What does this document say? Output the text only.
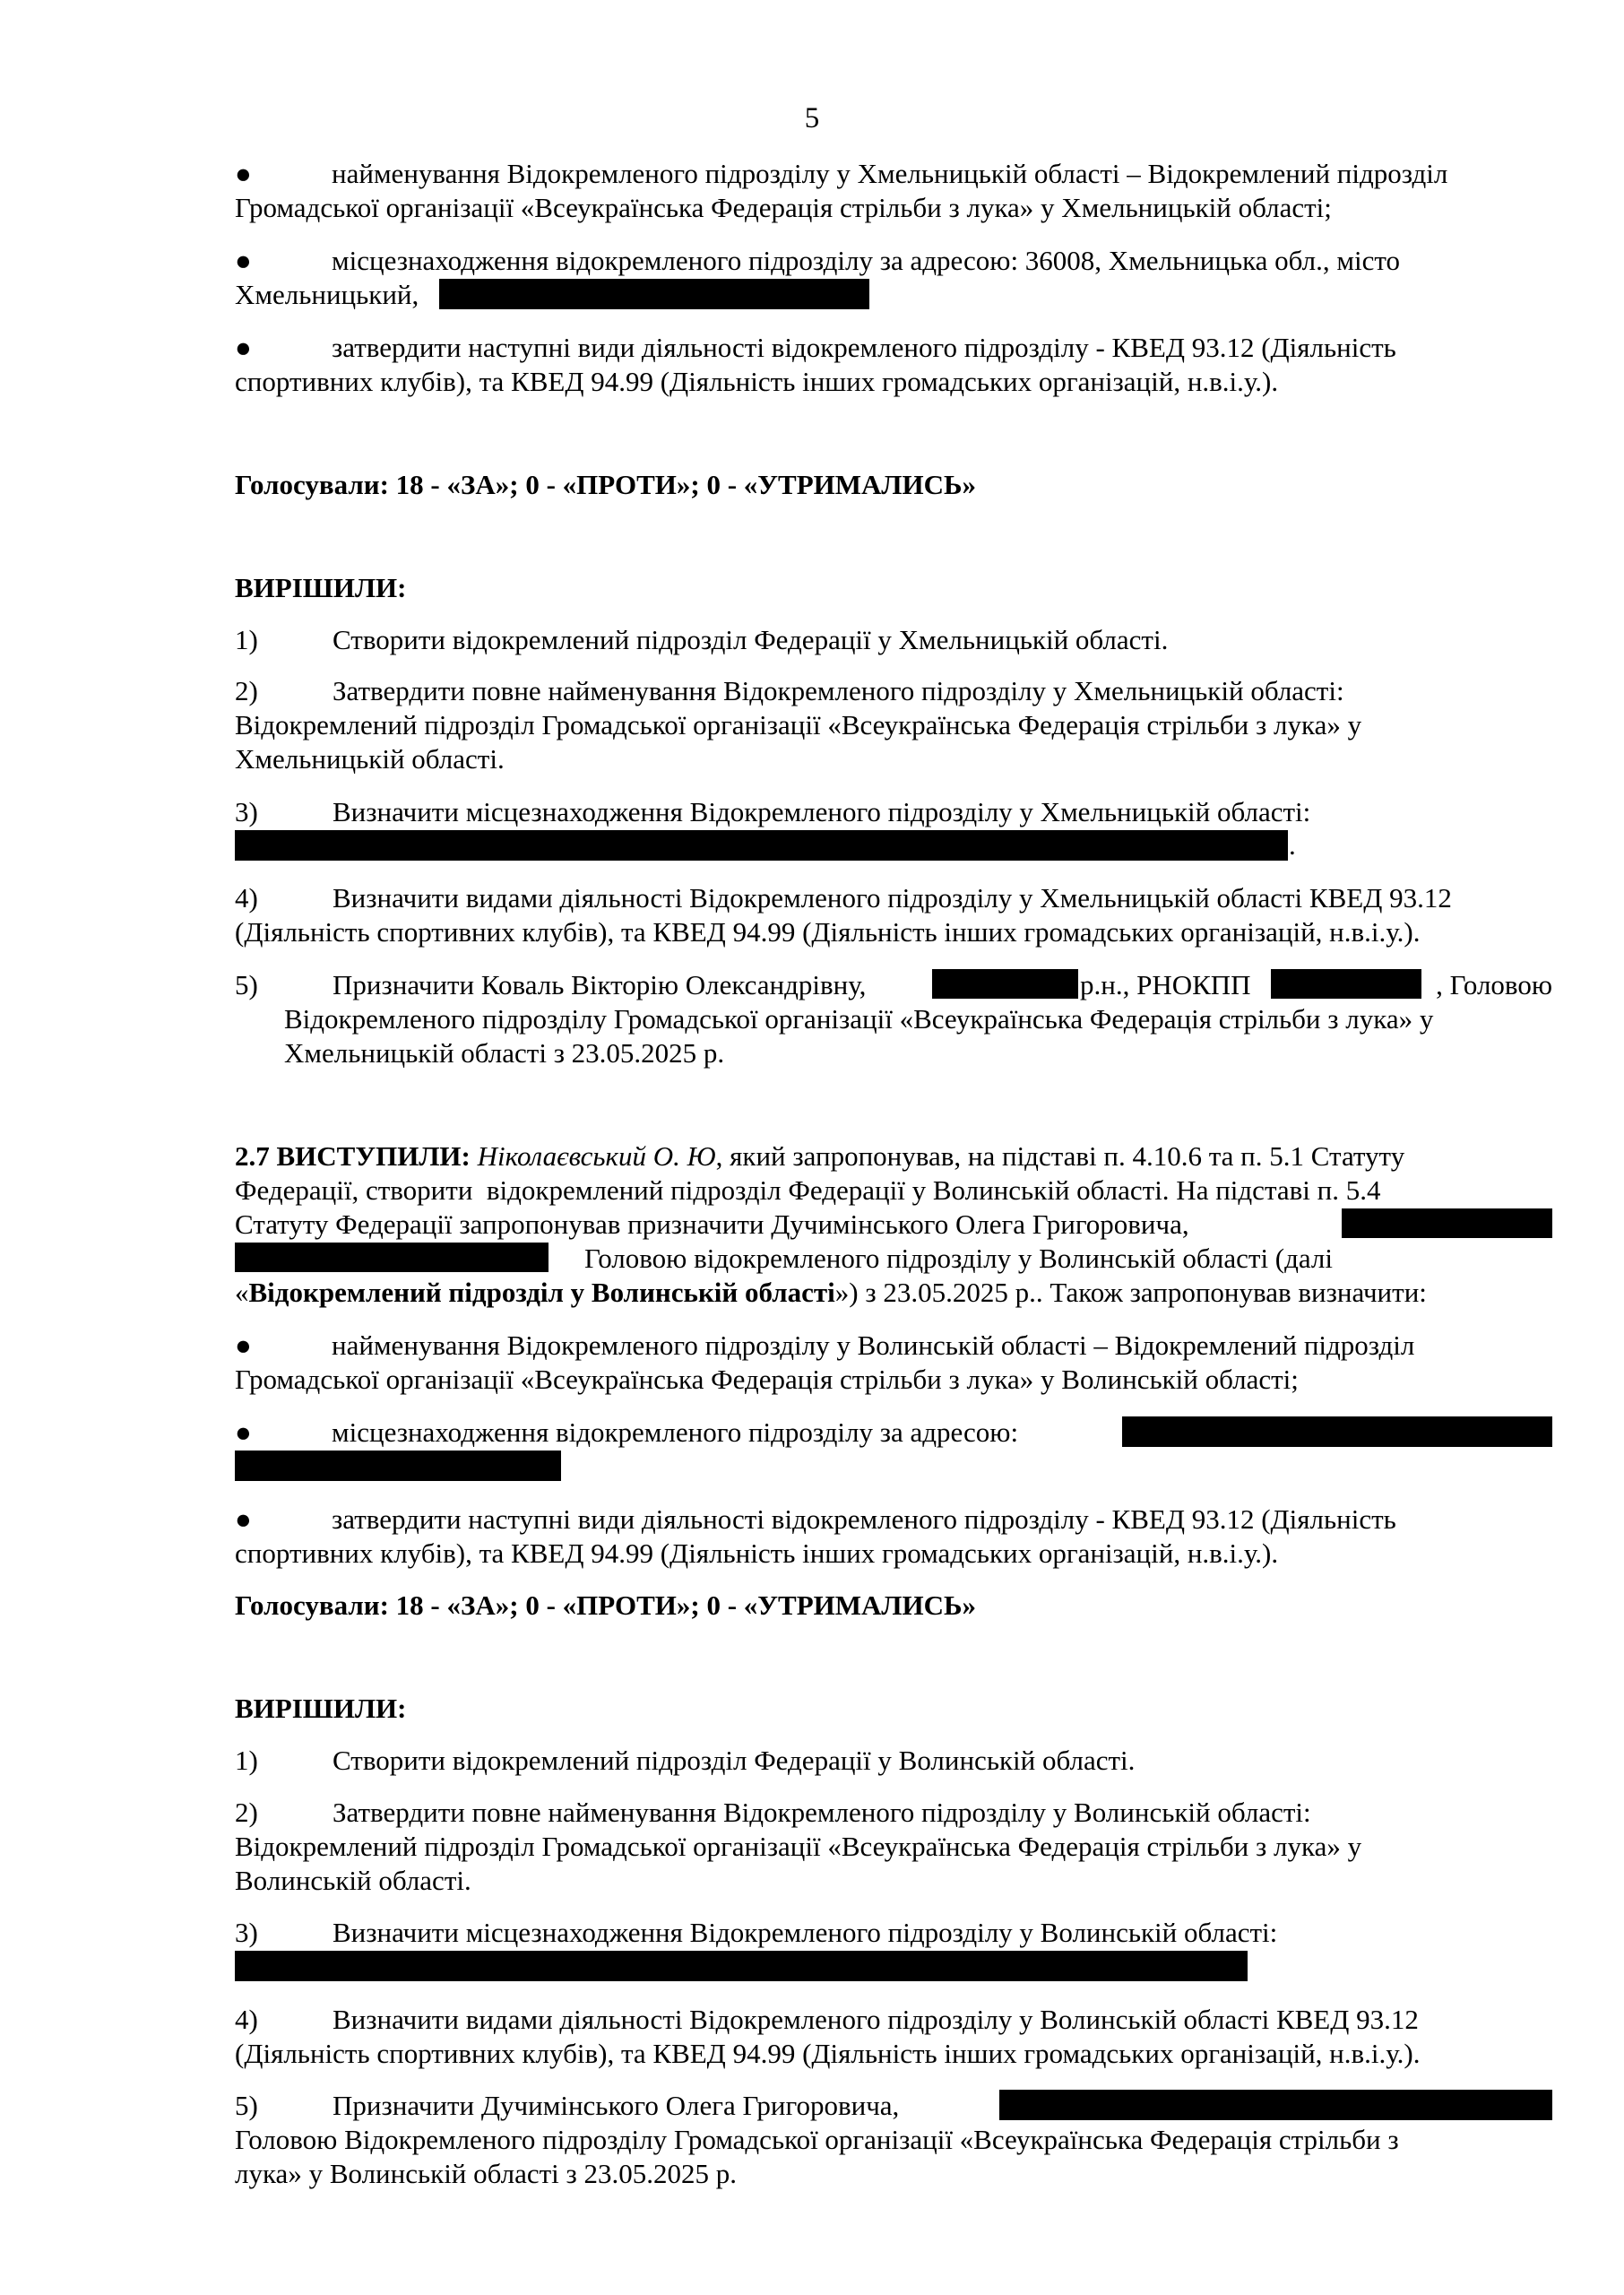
5
●	найменування Відокремленого підрозділу у Хмельницькій області – Відокремлений підрозділ
Громадської організації «Всеукраїнська Федерація стрільби з лука» у Хмельницькій області;
●	місцезнаходження відокремленого підрозділу за адресою: 36008, Хмельницька обл., місто
Хмельницький,
●	затвердити наступні види діяльності відокремленого підрозділу - КВЕД 93.12 (Діяльність
спортивних клубів), та КВЕД 94.99 (Діяльність інших громадських організацій, н.в.і.у.).
Голосували: 18 - «ЗА»; 0 - «ПРОТИ»; 0 - «УТРИМАЛИСЬ»
ВИРІШИЛИ:
1)	Створити відокремлений підрозділ Федерації у Хмельницькій області.
2)	Затвердити повне найменування Відокремленого підрозділу у Хмельницькій області:
Відокремлений підрозділ Громадської організації «Всеукраїнська Федерація стрільби з лука» у
Хмельницькій області.
3)	Визначити місцезнаходження Відокремленого підрозділу у Хмельницькій області:
.
4)	Визначити видами діяльності Відокремленого підрозділу у Хмельницькій області КВЕД 93.12
(Діяльність спортивних клубів), та КВЕД 94.99 (Діяльність інших громадських організацій, н.в.і.у.).
5)	Призначити Коваль Вікторію Олександрівну,	р.н., РНОКПП	, Головою
Відокремленого підрозділу Громадської організації «Всеукраїнська Федерація стрільби з лука» у
Хмельницькій області з 23.05.2025 р.
2.7 ВИСТУПИЛИ: Ніколаєвський О. Ю, який запропонував, на підставі п. 4.10.6 та п. 5.1 Статуту
Федерації, створити  відокремлений підрозділ Федерації у Волинській області. На підставі п. 5.4
Статуту Федерації запропонував призначити Дучимінського Олега Григоровича,
Головою відокремленого підрозділу у Волинській області (далі
«Відокремлений підрозділ у Волинській області») з 23.05.2025 р.. Також запропонував визначити:
●	найменування Відокремленого підрозділу у Волинській області – Відокремлений підрозділ
Громадської організації «Всеукраїнська Федерація стрільби з лука» у Волинській області;
●	місцезнаходження відокремленого підрозділу за адресою:
●	затвердити наступні види діяльності відокремленого підрозділу - КВЕД 93.12 (Діяльність
спортивних клубів), та КВЕД 94.99 (Діяльність інших громадських організацій, н.в.і.у.).
Голосували: 18 - «ЗА»; 0 - «ПРОТИ»; 0 - «УТРИМАЛИСЬ»
ВИРІШИЛИ:
1)	Створити відокремлений підрозділ Федерації у Волинській області.
2)	Затвердити повне найменування Відокремленого підрозділу у Волинській області:
Відокремлений підрозділ Громадської організації «Всеукраїнська Федерація стрільби з лука» у
Волинській області.
3)	Визначити місцезнаходження Відокремленого підрозділу у Волинській області:
4)	Визначити видами діяльності Відокремленого підрозділу у Волинській області КВЕД 93.12
(Діяльність спортивних клубів), та КВЕД 94.99 (Діяльність інших громадських організацій, н.в.і.у.).
5)	Призначити Дучимінського Олега Григоровича,
Головою Відокремленого підрозділу Громадської організації «Всеукраїнська Федерація стрільби з
лука» у Волинській області з 23.05.2025 р.
